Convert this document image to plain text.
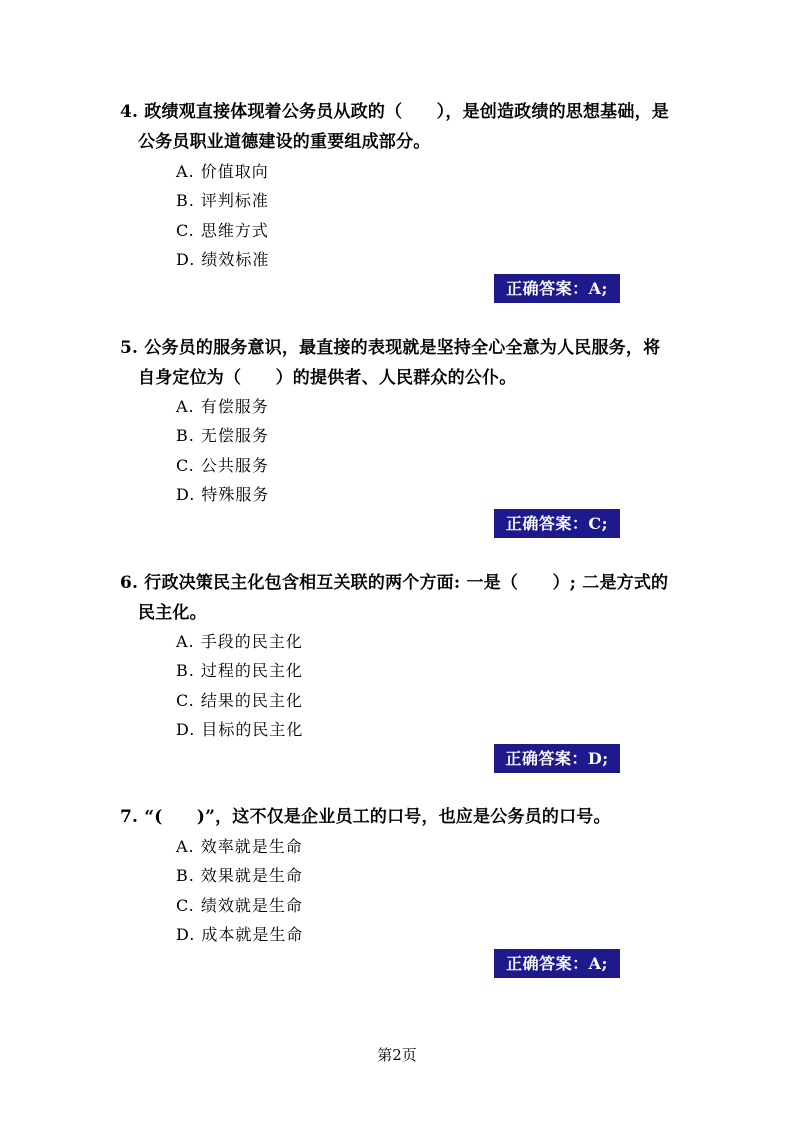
4. 政绩观直接体现着公务员从政的（　　），是创造政绩的思想基础，是
公务员职业道德建设的重要组成部分。
A. 价值取向
B. 评判标准
C. 思维方式
D. 绩效标准
正确答案：A;
5. 公务员的服务意识，最直接的表现就是坚持全心全意为人民服务，将
自身定位为（　　）的提供者、人民群众的公仆。
A. 有偿服务
B. 无偿服务
C. 公共服务
D. 特殊服务
正确答案：C;
6. 行政决策民主化包含相互关联的两个方面: 一是（　　）; 二是方式的
民主化。
A. 手段的民主化
B. 过程的民主化
C. 结果的民主化
D. 目标的民主化
正确答案：D;
7. “(　　)”，这不仅是企业员工的口号，也应是公务员的口号。
A. 效率就是生命
B. 效果就是生命
C. 绩效就是生命
D. 成本就是生命
正确答案：A;
第2页
